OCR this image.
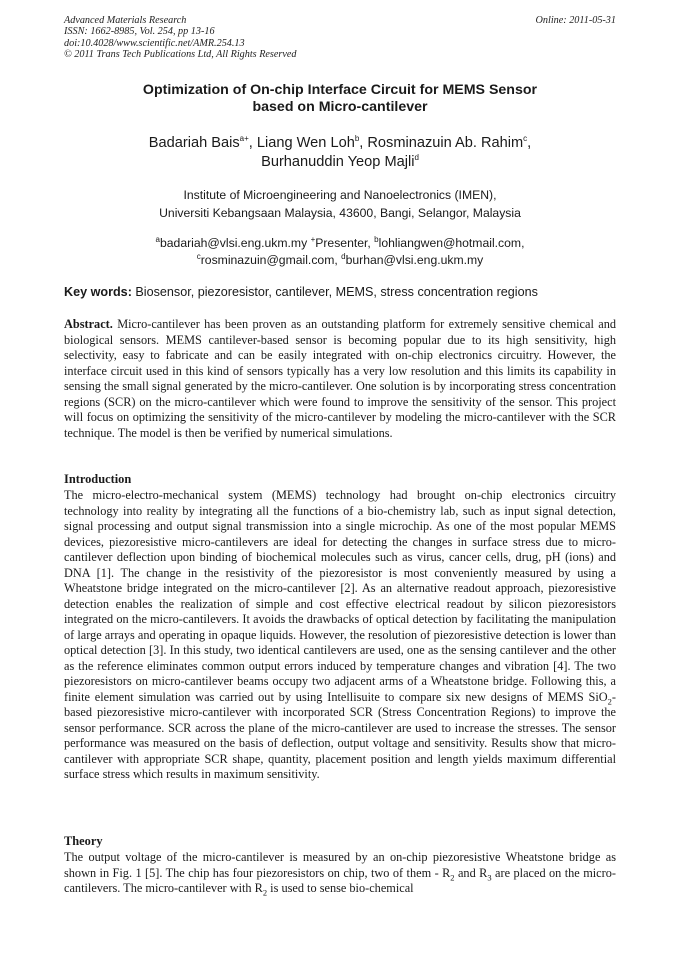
Advanced Materials Research
ISSN: 1662-8985, Vol. 254, pp 13-16
doi:10.4028/www.scientific.net/AMR.254.13
© 2011 Trans Tech Publications Ltd, All Rights Reserved
Online: 2011-05-31
Optimization of On-chip Interface Circuit for MEMS Sensor
based on Micro-cantilever
Badariah Bais$^{a+}$, Liang Wen Loh$^b$, Rosminazuin Ab. Rahim$^c$,
Burhanuddin Yeop Majli$^d$
Institute of Microengineering and Nanoelectronics (IMEN),
Universiti Kebangsaan Malaysia, 43600, Bangi, Selangor, Malaysia
$^a$badariah@vlsi.eng.ukm.my +Presenter, $^b$lohliangwen@hotmail.com,
$^c$rosminazuin@gmail.com, $^d$burhan@vlsi.eng.ukm.my
Key words: Biosensor, piezoresistor, cantilever, MEMS, stress concentration regions
Abstract. Micro-cantilever has been proven as an outstanding platform for extremely sensitive chemical and biological sensors. MEMS cantilever-based sensor is becoming popular due to its high sensitivity, high selectivity, easy to fabricate and can be easily integrated with on-chip electronics circuitry. However, the interface circuit used in this kind of sensors typically has a very low resolution and this limits its capability in sensing the small signal generated by the micro-cantilever. One solution is by incorporating stress concentration regions (SCR) on the micro-cantilever which were found to improve the sensitivity of the sensor. This project will focus on optimizing the sensitivity of the micro-cantilever by modeling the micro-cantilever with the SCR technique. The model is then be verified by numerical simulations.
Introduction
The micro-electro-mechanical system (MEMS) technology had brought on-chip electronics circuitry technology into reality by integrating all the functions of a bio-chemistry lab, such as input signal detection, signal processing and output signal transmission into a single microchip. As one of the most popular MEMS devices, piezoresistive micro-cantilevers are ideal for detecting the changes in surface stress due to micro-cantilever deflection upon binding of biochemical molecules such as virus, cancer cells, drug, pH (ions) and DNA [1]. The change in the resistivity of the piezoresistor is most conveniently measured by using a Wheatstone bridge integrated on the micro-cantilever [2]. As an alternative readout approach, piezoresistive detection enables the realization of simple and cost effective electrical readout by silicon piezoresistors integrated on the micro-cantilevers. It avoids the drawbacks of optical detection by facilitating the manipulation of large arrays and operating in opaque liquids. However, the resolution of piezoresistive detection is lower than optical detection [3]. In this study, two identical cantilevers are used, one as the sensing cantilever and the other as the reference eliminates common output errors induced by temperature changes and vibration [4]. The two piezoresistors on micro-cantilever beams occupy two adjacent arms of a Wheatstone bridge. Following this, a finite element simulation was carried out by using Intellisuite to compare six new designs of MEMS SiO$_2$-based piezoresistive micro-cantilever with incorporated SCR (Stress Concentration Regions) to improve the sensor performance. SCR across the plane of the micro-cantilever are used to increase the stresses. The sensor performance was measured on the basis of deflection, output voltage and sensitivity. Results show that micro-cantilever with appropriate SCR shape, quantity, placement position and length yields maximum differential surface stress which results in maximum sensitivity.
Theory
The output voltage of the micro-cantilever is measured by an on-chip piezoresistive Wheatstone bridge as shown in Fig. 1 [5]. The chip has four piezoresistors on chip, two of them - $R_2$ and $R_3$ are placed on the micro-cantilevers. The micro-cantilever with $R_2$ is used to sense bio-chemical
